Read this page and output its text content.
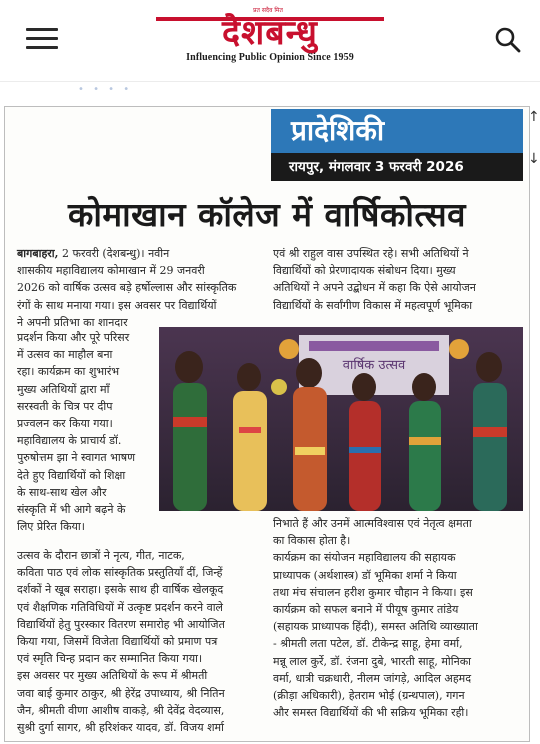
प्रत सदैव मित
देशबन्धु
Influencing Public Opinion Since 1959
• • • •
प्रादेशिकी
रायपुर, मंगलवार 3 फरवरी 2026
↑
↓
कोमाखान कॉलेज में वार्षिकोत्सव

बागबाहरा, 2 फरवरी (देशबन्धु)। नवीन

शासकीय महाविद्यालय कोमाखान में 29 जनवरी

2026 को वार्षिक उत्सव बड़े हर्षोल्लास और सांस्कृतिक

रंगों के साथ मनाया गया। इस अवसर पर विद्यार्थियों

ने अपनी प्रतिभा का शानदार

प्रदर्शन किया और पूरे परिसर

में उत्सव का माहौल बना

रहा। कार्यक्रम का शुभारंभ

मुख्य अतिथियों द्वारा माँ

सरस्वती के चित्र पर दीप

प्रज्वलन कर किया गया।

महाविद्यालय के प्राचार्य डॉ.

पुरुषोत्तम झा ने स्वागत भाषण

देते हुए विद्यार्थियों को शिक्षा

के साथ-साथ खेल और

संस्कृति में भी आगे बढ़ने के

लिए प्रेरित किया।

एवं श्री राहुल वास उपस्थित रहे। सभी अतिथियों ने

विद्यार्थियों को प्रेरणादायक संबोधन दिया। मुख्य

अतिथियों ने अपने उद्बोधन में कहा कि ऐसे आयोजन

विद्यार्थियों के सर्वांगीण विकास में महत्वपूर्ण भूमिका

वार्षिक उत्सव

उत्सव के दौरान छात्रों ने नृत्य, गीत, नाटक,

कविता पाठ एवं लोक सांस्कृतिक प्रस्तुतियाँ दीं, जिन्हें

दर्शकों ने खूब सराहा। इसके साथ ही वार्षिक खेलकूद

एवं शैक्षणिक गतिविधियों में उत्कृष्ट प्रदर्शन करने वाले

विद्यार्थियों हेतु पुरस्कार वितरण समारोह भी आयोजित

किया गया, जिसमें विजेता विद्यार्थियों को प्रमाण पत्र

एवं स्मृति चिन्ह प्रदान कर सम्मानित किया गया।

इस अवसर पर मुख्य अतिथियों के रूप में श्रीमती

जवा बाई कुमार ठाकुर, श्री हेरेंद्र उपाध्याय, श्री नितिन

जैन, श्रीमती वीणा आशीष वाकड़े, श्री देवेंद्र वेदव्यास,

सुश्री दुर्गा सागर, श्री हरिशंकर यादव, डॉ. विजय शर्मा

निभाते हैं और उनमें आत्मविश्वास एवं नेतृत्व क्षमता

का विकास होता है।

कार्यक्रम का संयोजन महाविद्यालय की सहायक

प्राध्यापक (अर्थशास्त्र) डॉ भूमिका शर्मा ने किया

तथा मंच संचालन हरीश कुमार चौहान ने किया। इस

कार्यक्रम को सफल बनाने में पीयूष कुमार तांडेय

(सहायक प्राध्यापक हिंदी), समस्त अतिथि व्याख्याता

- श्रीमती लता पटेल, डॉ. टीकेन्द्र साहू, हेमा वर्मा,

मन्नू लाल कुर्रे, डॉ. रंजना दुबे, भारती साहू, मोनिका

वर्मा, धात्री चक्रधारी, नीलम जांगड़े, आदिल अहमद

(क्रीड़ा अधिकारी), हेतराम भोई (ग्रन्थपाल), गगन

और समस्त विद्यार्थियों की भी सक्रिय भूमिका रही।
